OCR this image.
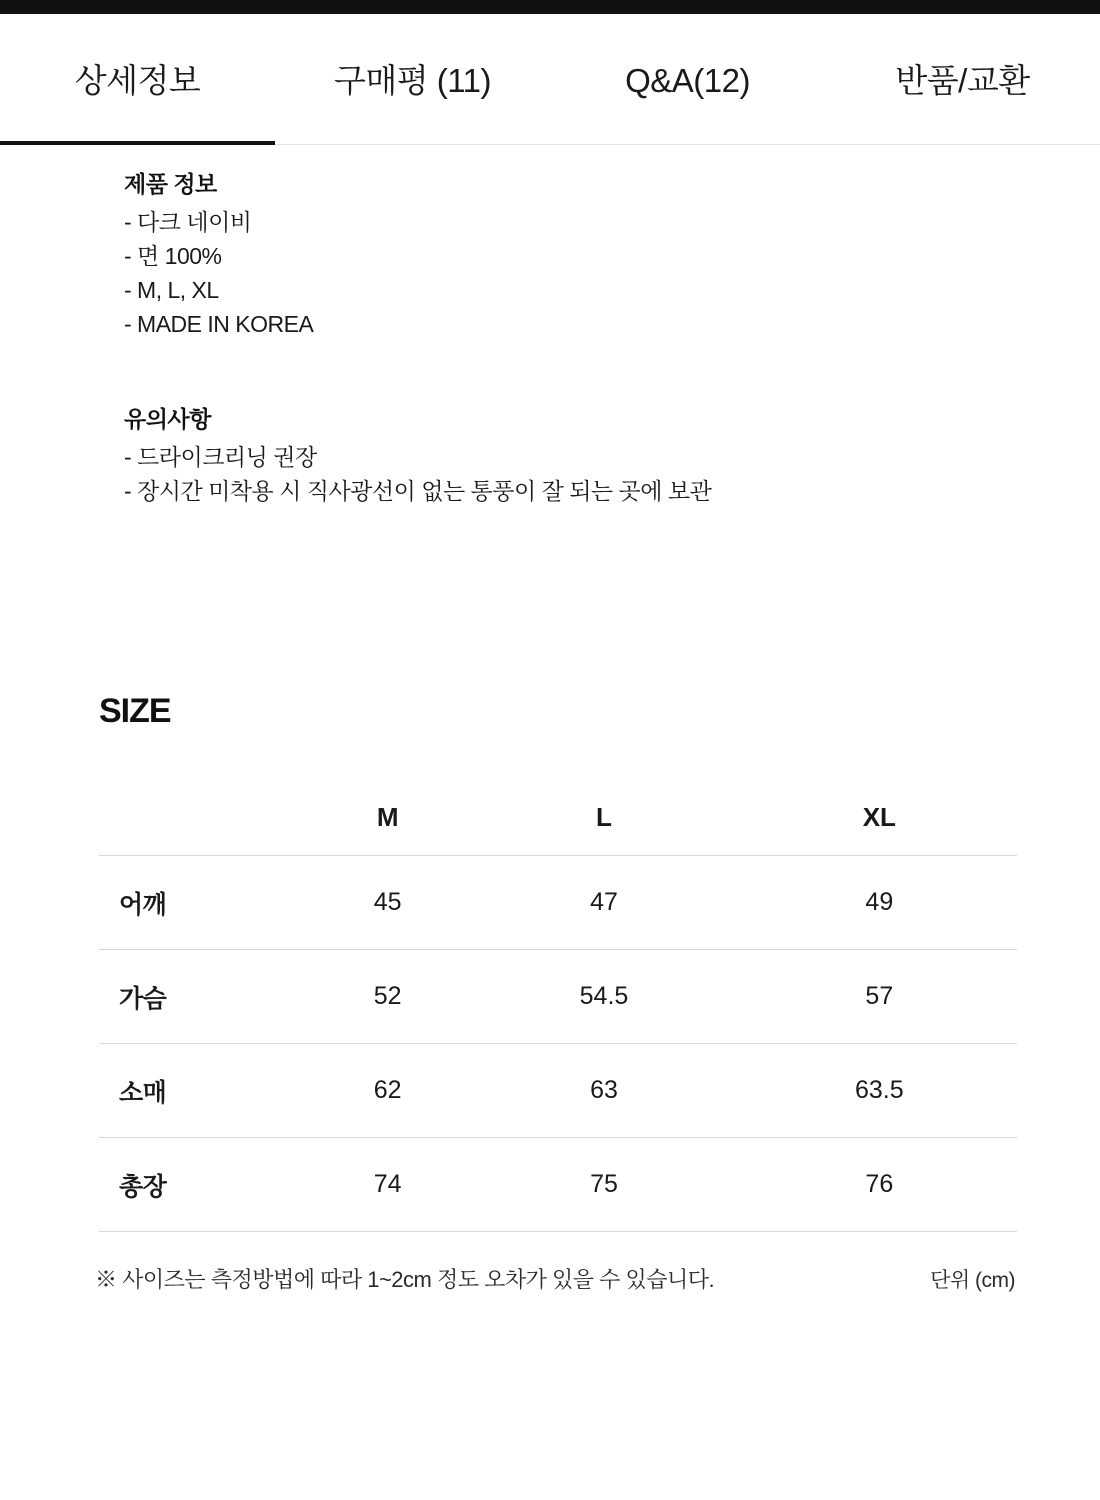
상세정보	구매평 (11)	Q&A(12)	반품/교환
제품 정보

- 다크 네이비

- 면 100%

- M, L, XL

- MADE IN KOREA

유의사항

- 드라이크리닝 권장

- 장시간 미착용 시 직사광선이 없는 통풍이 잘 되는 곳에 보관

SIZE
	M	L	XL
어깨	45	47	49
가슴	52	54.5	57
소매	62	63	63.5
총장	74	75	76
※ 사이즈는 측정방법에 따라 1~2cm 정도 오차가 있을 수 있습니다.	단위 (cm)
